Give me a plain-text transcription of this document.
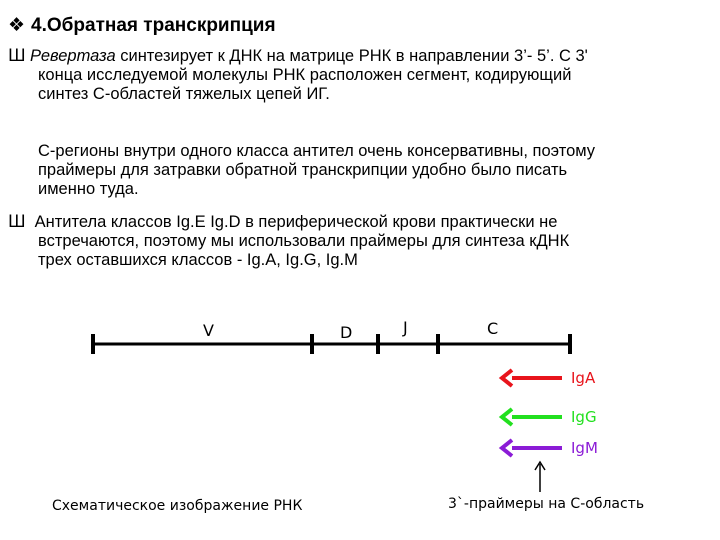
❖ 4.Обратная транскрипция
Ш Ревертаза синтезирует к ДНК на матрице РНК в направлении 3’- 5’. С 3'
конца исследуемой молекулы РНК расположен сегмент, кодирующий
синтез С-областей тяжелых цепей ИГ.
С-регионы внутри одного класса антител очень консервативны, поэтому
праймеры для затравки обратной транскрипции удобно было писать
именно туда.
Ш Антитела классов Ig.E Ig.D в периферической крови практически не
встречаются, поэтому мы использовали праймеры для синтеза кДНК
трех оставшихся классов - Ig.A, Ig.G, Ig.M
V	D	J	C
IgA
IgG
IgM
Схематическое изображение РНК	3`-праймеры на С-область
